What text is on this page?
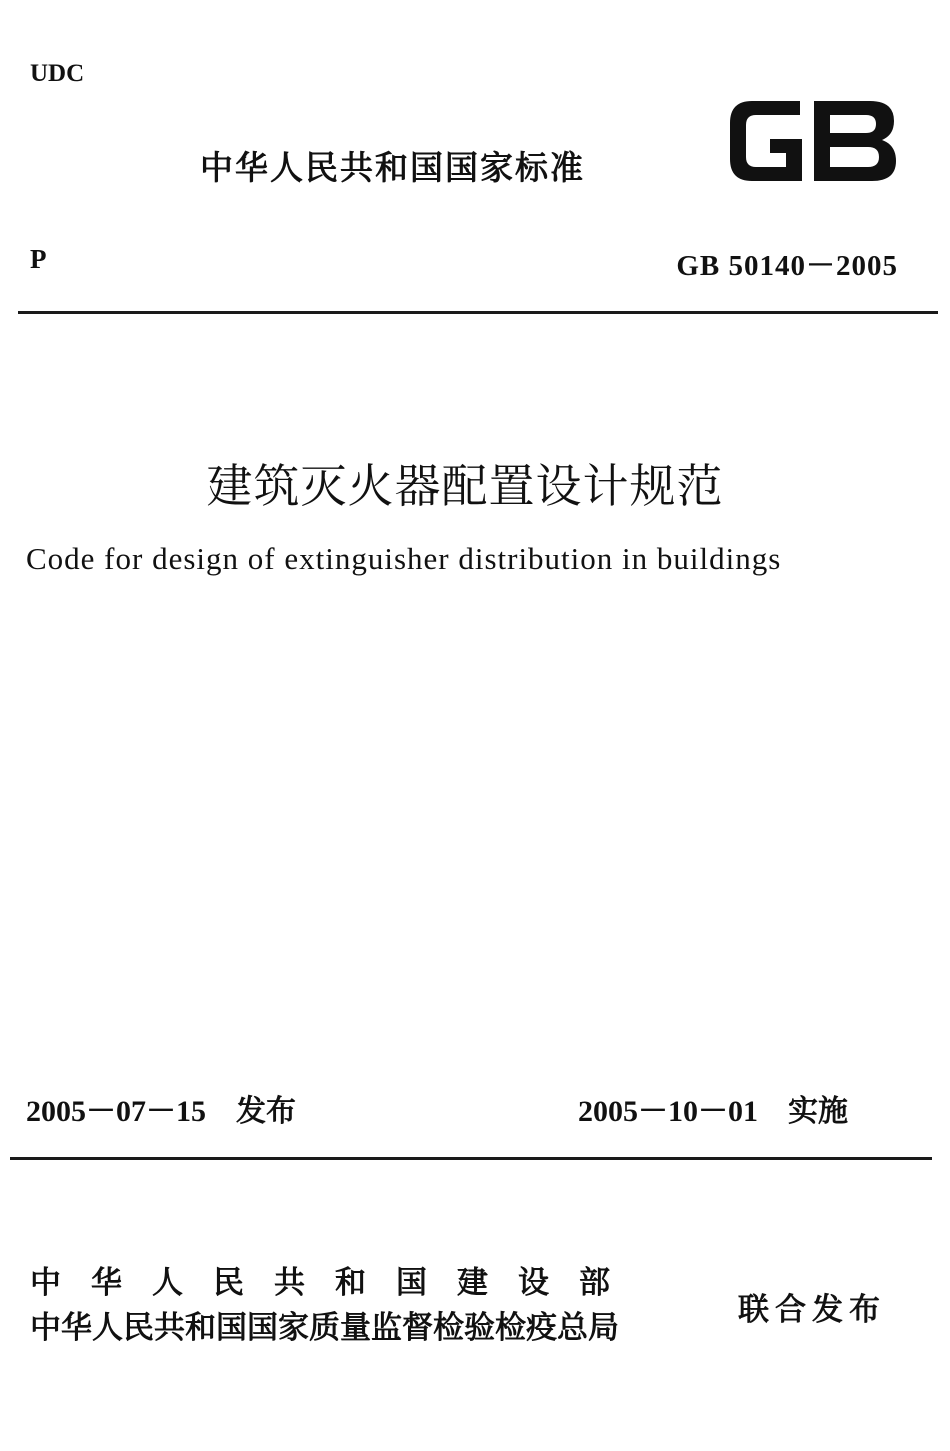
UDC
中华人民共和国国家标准
P	GB 50140－2005
建筑灭火器配置设计规范
Code for design of extinguisher distribution in buildings
2005－07－15　发布	2005－10－01　实施
中华人民共和国建设部
中华人民共和国国家质量监督检验检疫总局	联合发布
